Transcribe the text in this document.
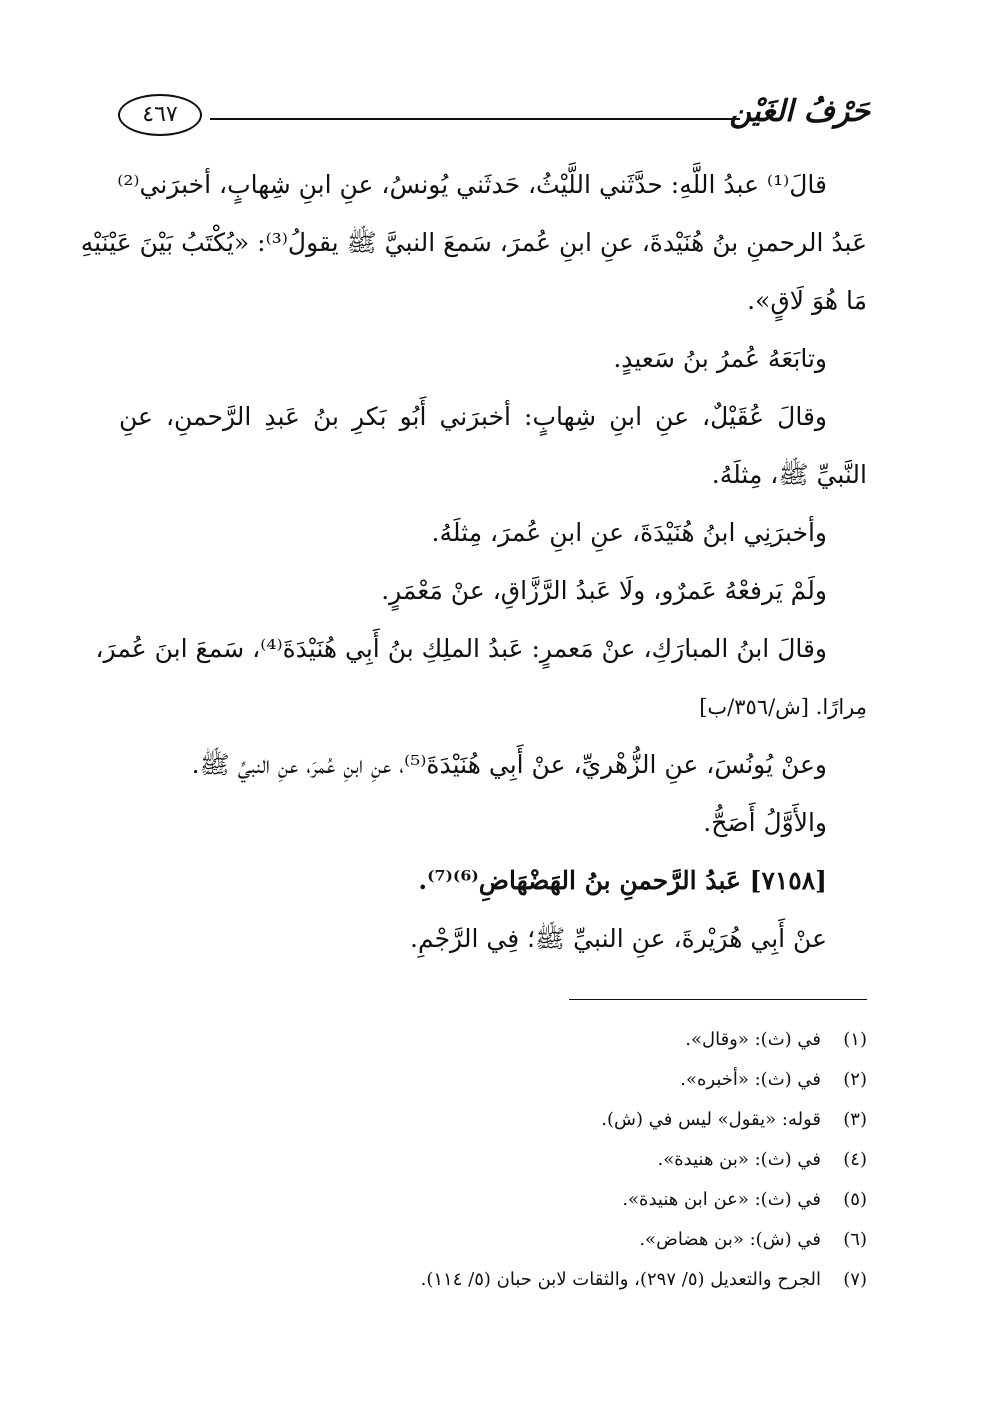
حَرْفُ الغَيْن
٤٦٧
قالَ⁽¹⁾ عبدُ اللَّهِ: حدَّثَني اللَّيْثُ، حَدثَني يُونسُ، عنِ ابنِ شِهابٍ، أخبرَني⁽²⁾
عَبدُ الرحمنِ بنُ هُنَيْدةَ، عنِ ابنِ عُمرَ، سَمعَ النبيَّ ﷺ يقولُ⁽³⁾: «يُكْتَبُ بَيْنَ عَيْنَيْهِ
مَا هُوَ لَاقٍ».
وتابَعَهُ عُمرُ بنُ سَعيدٍ.
وقالَ عُقَيْلٌ، عنِ ابنِ شِهابٍ: أخبرَني أَبُو بَكرِ بنُ عَبدِ الرَّحمنِ، عنِ
النَّبيِّ ﷺ، مِثلَهُ.
وأخبرَنِي ابنُ هُنَيْدَةَ، عنِ ابنِ عُمرَ، مِثلَهُ.
ولَمْ يَرفعْهُ عَمرٌو، ولَا عَبدُ الرَّزَّاقِ، عنْ مَعْمَرٍ.
وقالَ ابنُ المبارَكِ، عنْ مَعمرٍ: عَبدُ الملِكِ بنُ أَبِي هُنَيْدَةَ⁽⁴⁾، سَمعَ ابنَ عُمرَ،
مِرارًا. [ش/٣٥٦/ب]
وعنْ يُونُسَ، عنِ الزُّهْريِّ، عنْ أَبِي هُنَيْدَةَ⁽⁵⁾، عنِ ابنِ عُمرَ، عنِ النبيِّ ﷺ.
والأَوَّلُ أَصَحُّ.
[٧١٥٨] عَبدُ الرَّحمنِ بنُ الهَضْهَاضِ⁽⁶⁾⁽⁷⁾.
عنْ أَبِي هُرَيْرةَ، عنِ النبيِّ ﷺ؛ فِي الرَّجْمِ.
(١)في (ث): «وقال».
(٢)في (ث): «أخبره».
(٣)قوله: «يقول» ليس في (ش).
(٤)في (ث): «بن هنيدة».
(٥)في (ث): «عن ابن هنيدة».
(٦)في (ش): «بن هضاض».
(٧)الجرح والتعديل (٥/ ٢٩٧)، والثقات لابن حبان (٥/ ١١٤).
